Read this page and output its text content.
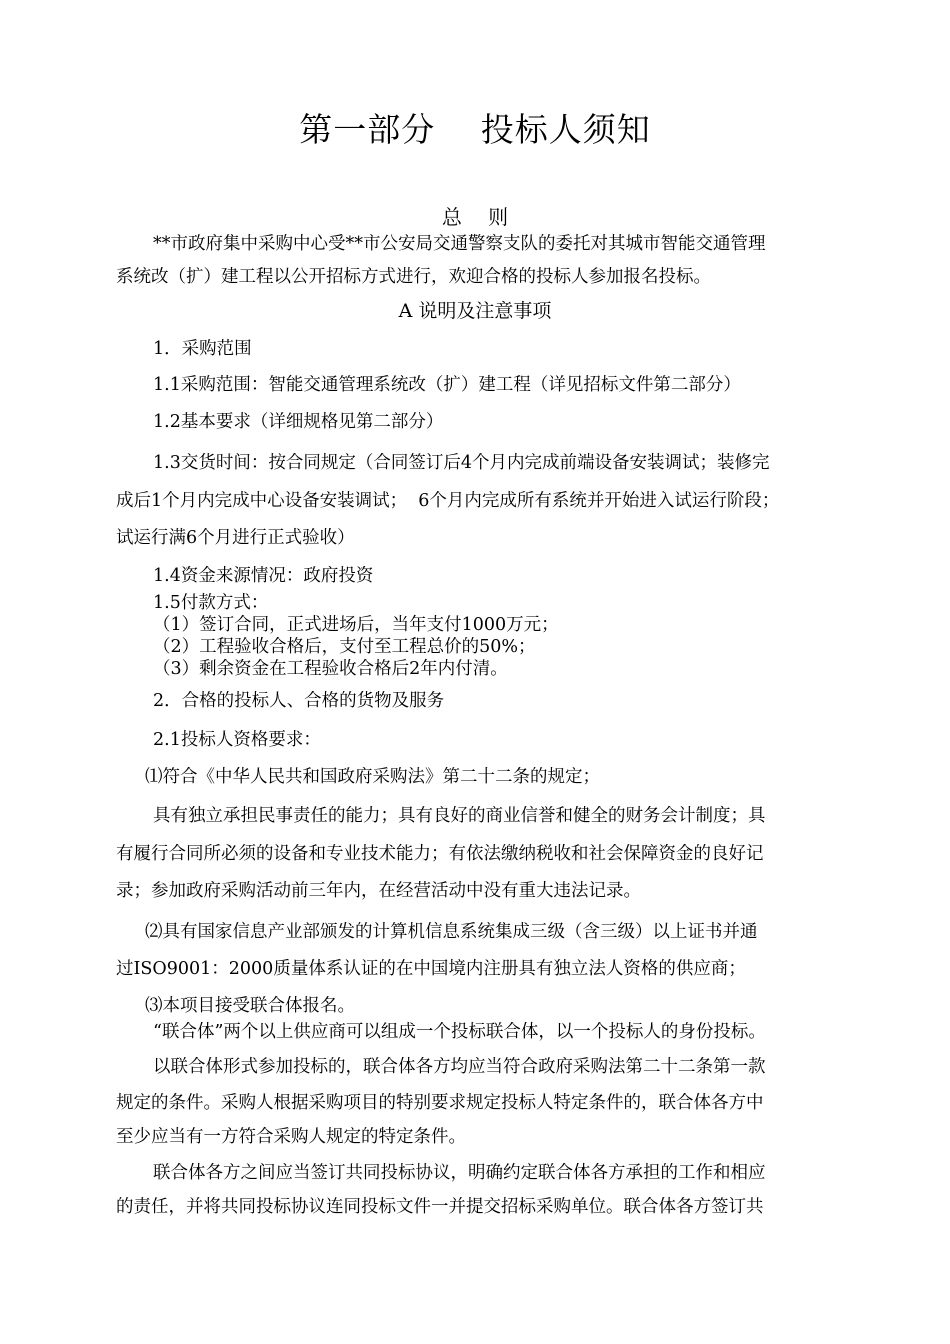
第一部分　 投标人须知
总　 则

**市政府集中采购中心受**市公安局交通警察支队的委托对其城市智能交通管理

系统改（扩）建工程以公开招标方式进行，欢迎合格的投标人参加报名投标。

A 说明及注意事项

1．采购范围

1.1采购范围：智能交通管理系统改（扩）建工程（详见招标文件第二部分）

1.2基本要求（详细规格见第二部分）

1.3交货时间：按合同规定（合同签订后4个月内完成前端设备安装调试；装修完

成后1个月内完成中心设备安装调试；  6个月内完成所有系统并开始进入试运行阶段；

试运行满6个月进行正式验收）

1.4资金来源情况：政府投资

1.5付款方式：

（1）签订合同，正式进场后，当年支付1000万元；

（2）工程验收合格后，支付至工程总价的50%；

（3）剩余资金在工程验收合格后2年内付清。

2．合格的投标人、合格的货物及服务

2.1投标人资格要求：

⑴符合《中华人民共和国政府采购法》第二十二条的规定；

具有独立承担民事责任的能力；具有良好的商业信誉和健全的财务会计制度；具

有履行合同所必须的设备和专业技术能力；有依法缴纳税收和社会保障资金的良好记

录；参加政府采购活动前三年内，在经营活动中没有重大违法记录。

⑵具有国家信息产业部颁发的计算机信息系统集成三级（含三级）以上证书并通

过ISO9001：2000质量体系认证的在中国境内注册具有独立法人资格的供应商；

⑶本项目接受联合体报名。

“联合体”两个以上供应商可以组成一个投标联合体，以一个投标人的身份投标。

以联合体形式参加投标的，联合体各方均应当符合政府采购法第二十二条第一款

规定的条件。采购人根据采购项目的特别要求规定投标人特定条件的，联合体各方中

至少应当有一方符合采购人规定的特定条件。

联合体各方之间应当签订共同投标协议，明确约定联合体各方承担的工作和相应

的责任，并将共同投标协议连同投标文件一并提交招标采购单位。联合体各方签订共
